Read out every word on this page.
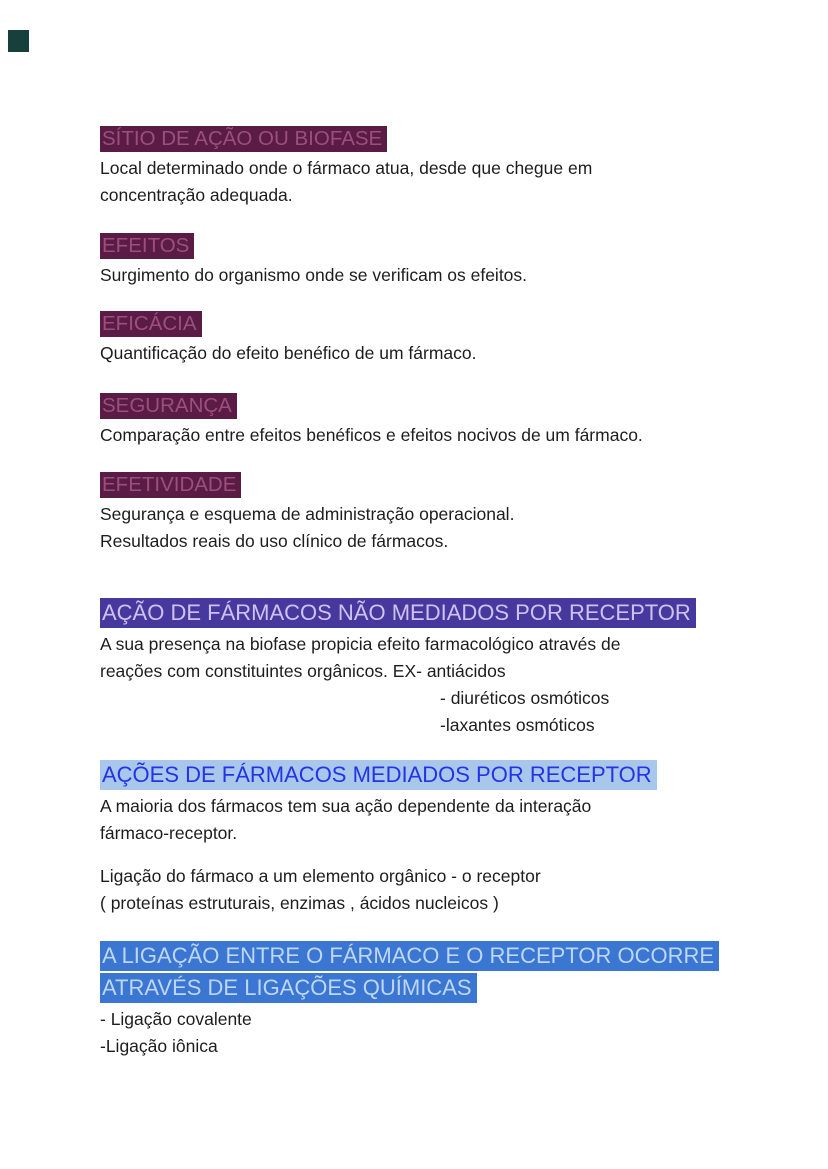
SÍTIO DE AÇÃO OU BIOFASE
Local determinado onde o fármaco atua, desde que chegue em
concentração adequada.
EFEITOS
Surgimento do organismo onde se verificam os efeitos.
EFICÁCIA
Quantificação do efeito benéfico de um fármaco.
SEGURANÇA
Comparação entre efeitos benéficos e efeitos nocivos de um fármaco.
EFETIVIDADE
Segurança e esquema de administração operacional.
Resultados reais do uso clínico de fármacos.
AÇÃO DE FÁRMACOS NÃO MEDIADOS POR RECEPTOR
A sua presença na biofase propicia efeito farmacológico através de
reações com constituintes orgânicos. EX- antiácidos
- diuréticos osmóticos
-laxantes osmóticos
AÇÕES DE FÁRMACOS MEDIADOS POR RECEPTOR
A maioria dos fármacos tem sua ação dependente da interação
fármaco-receptor.
Ligação do fármaco a um elemento orgânico - o receptor
( proteínas estruturais, enzimas , ácidos nucleicos )
A LIGAÇÃO ENTRE O FÁRMACO E O RECEPTOR OCORRE
ATRAVÉS DE LIGAÇÕES QUÍMICAS
- Ligação covalente
-Ligação iônica
